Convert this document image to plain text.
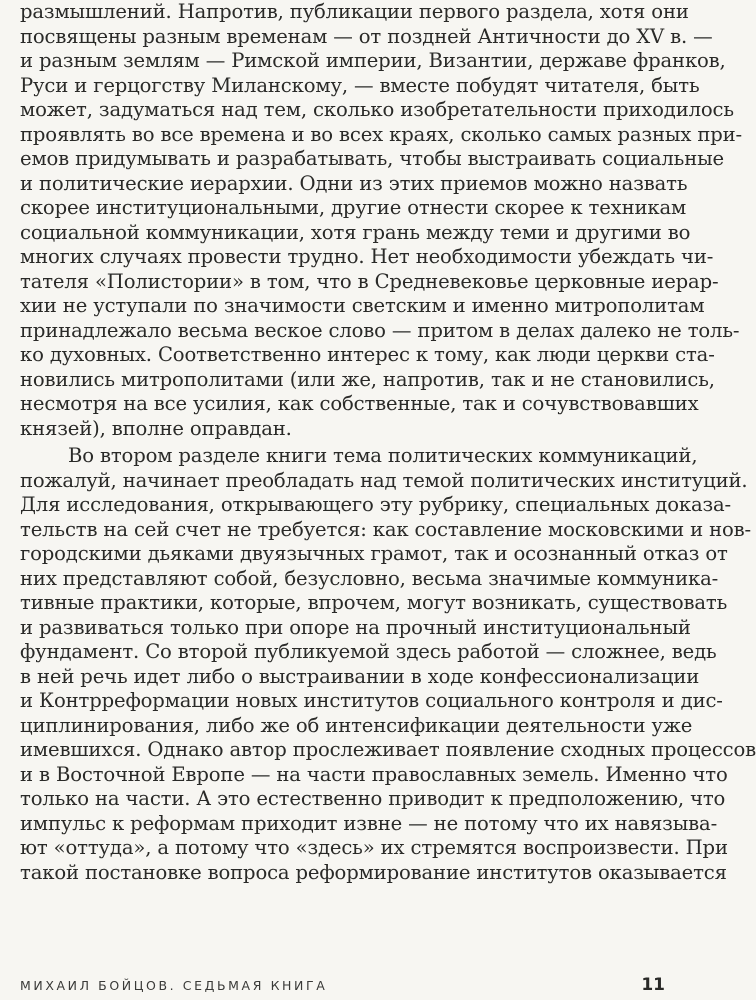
размышлений. Напротив, публикации первого раздела, хотя они
посвящены разным временам — от поздней Античности до XV в. —
и разным землям — Римской империи, Византии, державе франков,
Руси и герцогству Миланскому, — вместе побудят читателя, быть
может, задуматься над тем, сколько изобретательности приходилось
проявлять во все времена и во всех краях, сколько самых разных при-
емов придумывать и разрабатывать, чтобы выстраивать социальные
и политические иерархии. Одни из этих приемов можно назвать
скорее институциональными, другие отнести скорее к техникам
социальной коммуникации, хотя грань между теми и другими во
многих случаях провести трудно. Нет необходимости убеждать чи-
тателя «Полистории» в том, что в Средневековье церковные иерар-
хии не уступали по значимости светским и именно митрополитам
принадлежало весьма веское слово — притом в делах далеко не толь-
ко духовных. Соответственно интерес к тому, как люди церкви ста-
новились митрополитами (или же, напротив, так и не становились,
несмотря на все усилия, как собственные, так и сочувствовавших
князей), вполне оправдан.
Во втором разделе книги тема политических коммуникаций,
пожалуй, начинает преобладать над темой политических институций.
Для исследования, открывающего эту рубрику, специальных доказа-
тельств на сей счет не требуется: как составление московскими и нов-
городскими дьяками двуязычных грамот, так и осознанный отказ от
них представляют собой, безусловно, весьма значимые коммуника-
тивные практики, которые, впрочем, могут возникать, существовать
и развиваться только при опоре на прочный институциональный
фундамент. Со второй публикуемой здесь работой — сложнее, ведь
в ней речь идет либо о выстраивании в ходе конфессионализации
и Контрреформации новых институтов социального контроля и дис-
циплинирования, либо же об интенсификации деятельности уже
имевшихся. Однако автор прослеживает появление сходных процессов
и в Восточной Европе — на части православных земель. Именно что
только на части. А это естественно приводит к предположению, что
импульс к реформам приходит извне — не потому что их навязыва-
ют «оттуда», а потому что «здесь» их стремятся воспроизвести. При
такой постановке вопроса реформирование институтов оказывается
МИХАИЛ БОЙЦОВ. СЕДЬМАЯ КНИГА	11
